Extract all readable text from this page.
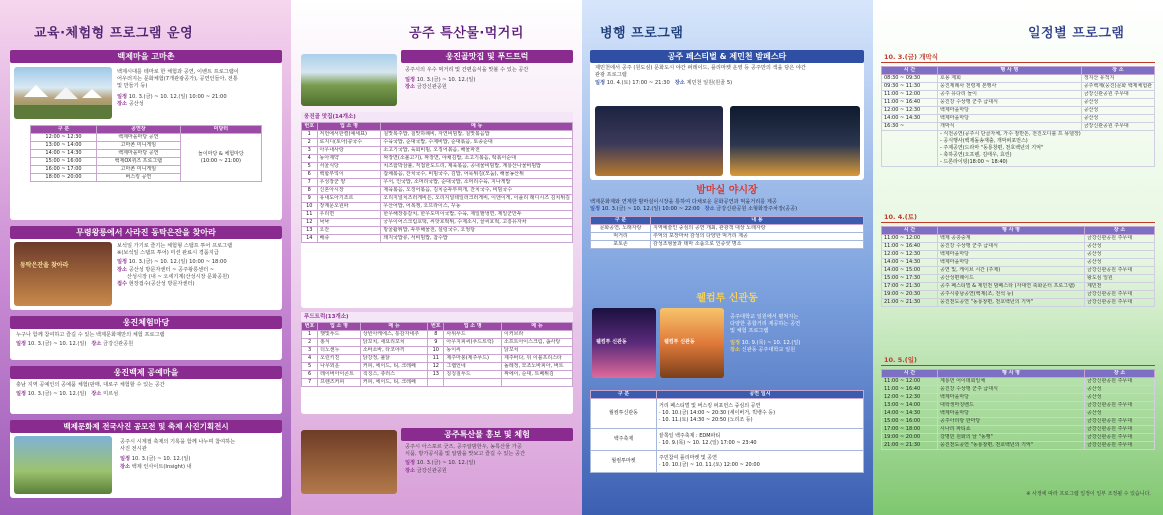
교육·체험형 프로그램 운영
백제마을 고마촌
백제시대를 테마로 한 체험과 공연, 이벤트 프로그램이
어우러지는 문화체험(7개관광공가), 공연인들아, 전통
및 만들기 등)
일정 10. 3.(금) ~ 10. 12.(일) 10:00 ~ 21:00
장소 공산성
구 분	공연장	미당터
12:00 ~ 12:30	백제마을마당 공연	놀이마당 & 체험마당
(10:00 ~ 21:00)

13:00 ~ 14:00	고마촌 미니게임	
14:00 ~ 14:30	백제마을마당 공연	
15:00 ~ 16:00	백제OX퀴즈 프로그램	
16:00 ~ 17:00	고마촌 미니게임	
18:00 ~ 20:00	버스킹 공연	
무령왕릉에서 사라진 동탁은잔을 찾아라
동탁은잔을 찾아라
보석일 가기로 즐기는 체험형 스탬프 투어 프로그램
※(보석일 스탬프 투어) 미션 완료시 경품지급
일정 10. 3.(금) ~ 10. 12.(일) 10:00 ~ 18:00
장소 공산성 방문자센터 ~ 공주왕릉센터 ~
산성시장 (내 ~ 오세기계(산성시장 문화공원)
접수 현장접수(공산성 방문자센터)
웅진체험마당
누구나 함께 참여하고 즐길 수 있는 백제문화제만의 체험 프로그램
일정 10. 3.(금) ~ 10. 12.(일) 장소 금강신관공원
웅진백제 공예마을
충남 지역 공예인의 공예품 체험(판매, 대로구 체험할 수 있는 공간
일정 10. 3.(금) ~ 10. 12.(일) 장소 미르섬
백제문화제 전국사진 공모전 및 축제 사진기획전시
공주시 시계절 축제의 기록을 함께 나누며 참여하는
사진 전시관
일정 10. 3.(금) ~ 10. 12.(일)
장소 백제 인사이트(Insight) 내
공주 특산물·먹거리
웅진골맛집 및 푸드트럭
공주시의 우수 먹거리 및 간편음식을 맛볼 수 있는 공간
일정 10. 3.(금) ~ 10. 12.(일)
장소 금강신관공원
웅진골 맛집(14개소)
번호	업 소 명	메 뉴
1	저먼에서한켤(예세표)	칠맛복주밥, 칠맛하례비, 자연비빔밥, 칠맛볶음밥
2	로지디(토아)콩국수	수육국밥, 순대국밥, 수제비밥, 순대볶음, 토종순대
3	아우내사랑	소고기국밥, 육회비빔, 오징어볶음, 해물파전
4	동아제약	짜장면(소불고기), 짜장면, 야채김밥, 소고기볶음, 떡볶이순대
5	서울식당	치즈함박삼불, 직접한도드리, 제육볶음, 공내물비빔밥, 계룡산나물비빔밥
6	백합부엌이	잡채볶음, 잔치국수, 비빔국수, 김밥, 어묵튀김(모둠), 해물농산튀
7	우성장군 양	우서, 인국밥, 소머리국밥, 순대국밥, 소머리수육, 지나게밥
8	신혼아시장	제육볶음, 오징어볶음, 김치순두부찌개, 잔치국수, 비빔국수
9	유내도아기조르	오리지널치즈러게비튼, 오리지널테일러크러게비, 이엔이게, 이플리 래디시즈 김치튀김
10	장계문오원파	우산어밥, 어복쟁, 오므라이스, 꾸동
11	우리면	한우해장통갈치, 한우도미이국밥, 수육, 제일팔냉면, 제일군만두
12	낙낙	궁무이어스크림호떡, 씨앗호떡튀, 수제소시, 꿀씨호떡, 고흥유자차
13	오잔	방울활튀밥, 두부해물전, 설렁국수, 오엉탕
14	배쥬	돼지국밥류, 서비빔밥, 참수밥
푸드트럭(13개소)
번호	업 소 명	메 뉴	번호	업 소 명	메 뉴
1	햇빛푸드	상빈아케에스, 통감자네추	8	사위푸드	이커브라
2	홍식	닭꼬치, 새요리꼬치	9	아우지피씨(푸드트럭)	소프트아이스크림, 솜사탕
3	더노센누	소바소바, 타코야끼	10	동이씨	닭꼬치
4	오런키친	닭강정, 불닭	11	제주마붕(제주푸드)	제주바다, 뒤 이블프리스타
5	나무외운	커피, 에이드, 티, 크레페	12	그랩언네	돌레정, 모조노바피아, 버트
6	레이버아이콘트	칙칭스, 츄러스	13	칭칭칠푸드	짜에이, 순대, 트페튀김
7	프렌즈커피	커피, 에이드, 티, 크레페			
공주특산물 홍보 및 체험
공주시 아스포르 굿즈, 공주알밤한우, 농특산물 가공
식품, 방가공식품 및 알밤을 맛보고 즐길 수 있는 공간
일정 10. 3.(금) ~ 10. 12.(일)
장소 금강신관공원
병행 프로그램
공주 페스티벌 & 제민천 밤페스타
제민천에서 공주 (원도심) 문화도시 야간 퍼레이드, 플리마켓 운영 등 공주만의 색을 담은 야간
관광 프로그램
일정 10. 4.(토) 17:00 ~ 21:30 장소 제민천 일원(원골 5)
밤마실 야시장
백제문화제와 연계한 밤마실이시장을 통하여 다채로운 문화공연과 먹을거리를 제공
일정 10. 3.(금) ~ 10. 12.(일) 10:00 ~ 22:00 장소 금강신관공원 소형화장주차장(공공)
구 분	내 용
문화공연, 노래자랑	지역예술인 중심의 공연 개최, 관광객 대상 노래자랑
먹거리	추억의 포장마차 감성의 다양한 먹거리 제공
포토존	감성조형물과 테마 소품으로 인증샷 명소
웰컴투 신관동
웰컴투 신관동	웰컴투 신관동
공주대학교 일원에서 펼쳐지는
다양한 종합거리 제공하는 공연
및 체험 프로그램
일정 10. 9.(목) ~ 10. 12.(일)
장소 신관동 공주대학교 일원
구 분	공연 일시
월컴투신관동	거리 페스티벌 및 버스킹 퍼포먼스 중심의 공연
· 10. 10.(금) 14:00 ~ 20:30 (세이버거, 빅뱅수 등)
· 10. 11.(토) 14:30 ~ 20:50 (노리조 등)
백주축제	끝쪽일 백주축제 : EDM파티
· 10. 9.(목) ~ 10. 12.(일) 17:00 ~ 23:40
월컴투마켓	주민참여 플리마켓 및 공연
· 10. 10.(금) ~ 10. 11.(토) 12:00 ~ 20:00
일정별 프로그램
10. 3.(금) 개막식
시 간	행 사 명	장 소
08:30 ~ 09:30	호용 제회	정지산 유적지
09:30 ~ 11:30	웅진제례사 천령제 본행사	공주백제(웅진)문화 백제체험관
11:00 ~ 12:00	공주 유다리 놀이	금강신관공원 주무대
11:00 ~ 16:40	웅진강 수상맹 군주 급대식	공산성
12:00 ~ 12:30	백제마을마당	공산성
14:00 ~ 14:30	백제마을마당	공산성
16:30 ~	개막식	금강신관공원 주무대

	- 식전공연(공주시 단골자체, 가수 잠반돈, 전진오디블 프 뮤델장)
- 공식행사(백제돌송재출, 개막퍼포먼스)
- 주제공연(드라마 "동룡창편, 천호백년의 기억"
- 축하공연(오프렌, 김태우, 효린)
- 드론라이팅(18:00 ~ 18:40)	
10. 4.(토)
시 간	행 사 명	장 소
11:00 ~ 12:00	백제 공층중계	금강신관공원 주무대
11:00 ~ 16:40	웅진강 수상맹 군주 급대식	공산성
12:00 ~ 12:30	백제마을마당	공산성
14:00 ~ 14:30	백제마을마당	공산성
14:00 ~ 15:00	공연 및, 케이브 시간 (주제)	금강신관공원 주무대
15:00 ~ 17:30	공산성편례이드	왕도심 일원
17:00 ~ 21:30	공주 페스티벌 & 제민천 밤페스타 (자대연 축화운터 프로그램)	제민천
19:00 ~ 20:30	공주시충남공연(백제(조, 전석 등)	금강신관공원 주무대
21:00 ~ 21:30	웅진천도공연 "동룡창편, 천호백년의 기억"	금강신관공원 주무대
10. 5.(일)
시 간	행 사 명	장 소
11:00 ~ 12:00	계룡먼 어이데회일체	금강신관공원 주무대
11:00 ~ 16:40	웅진강 수상맹 군주 급대식	공산성
12:00 ~ 12:30	백제마을마당	공산성
13:00 ~ 14:00	대학생마칭밴드	금강신관공원 주무대
14:00 ~ 14:30	백제마을마당	공산성
15:00 ~ 16:00	공주아리랑 한마당	금강신관공원 주무대
17:00 ~ 18:00	시나리 파티쇼	금강신관공원 주무대
19:00 ~ 20:00	강명민 원화의 날 "동행"	금강신관공원 주무대
21:00 ~ 21:30	웅진천도공연 "동룡창편, 천호백년의 기억"	금강신관공원 주무대
※ 사정에 따라 프로그램 일정이 일부 조정될 수 있습니다.
